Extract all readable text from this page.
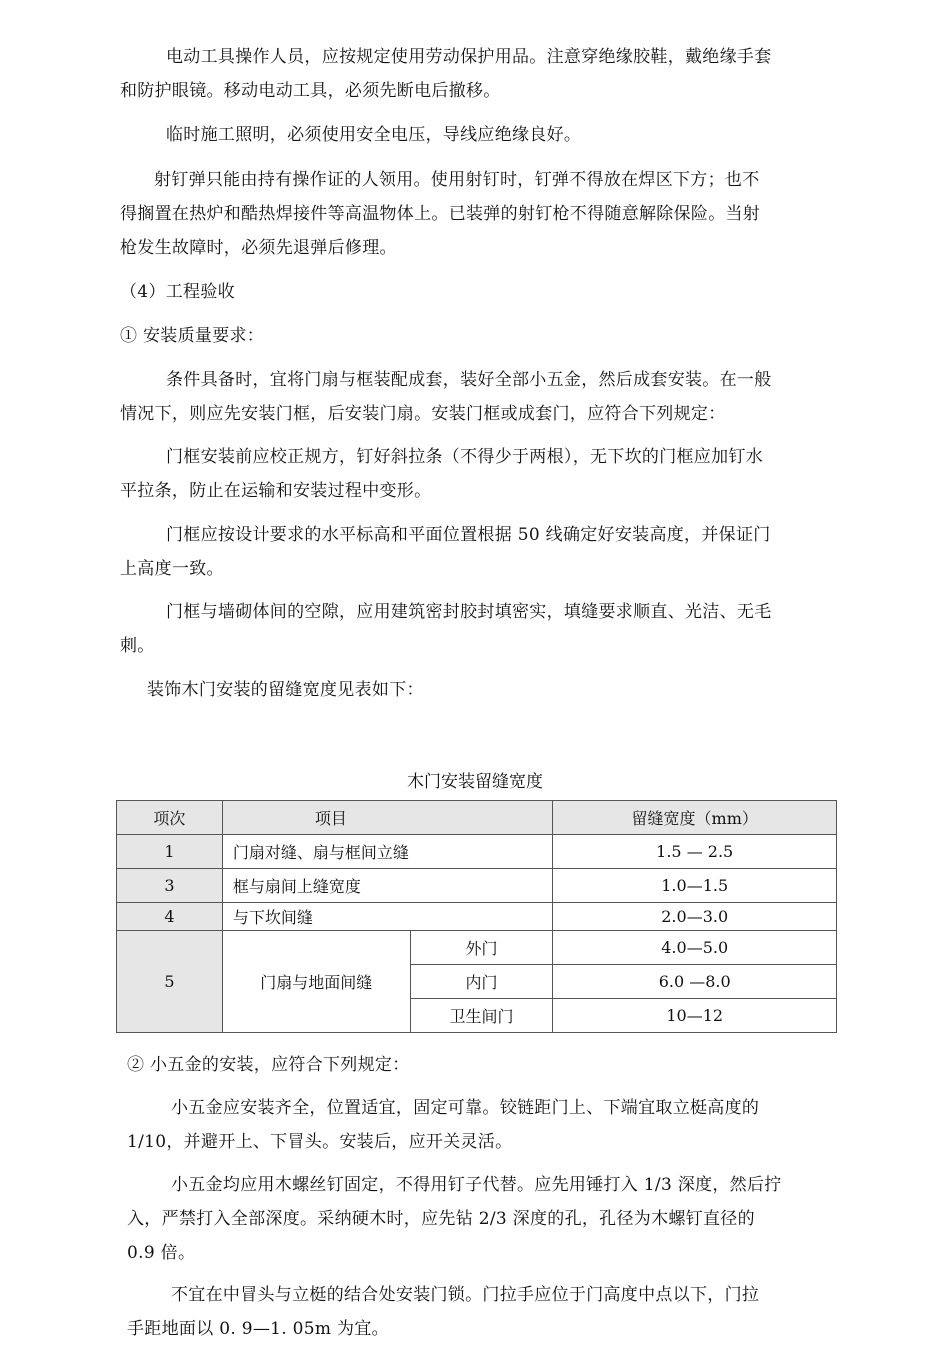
电动工具操作人员，应按规定使用劳动保护用品。注意穿绝缘胶鞋，戴绝缘手套
和防护眼镜。移动电动工具，必须先断电后撤移。
临时施工照明，必须使用安全电压，导线应绝缘良好。
射钉弹只能由持有操作证的人领用。使用射钉时，钉弹不得放在焊区下方；也不
得搁置在热炉和酷热焊接件等高温物体上。已装弹的射钉枪不得随意解除保险。当射
枪发生故障时，必须先退弹后修理。
（4）工程验收
① 安装质量要求：
条件具备时，宜将门扇与框装配成套，装好全部小五金，然后成套安装。在一般
情况下，则应先安装门框，后安装门扇。安装门框或成套门，应符合下列规定：
门框安装前应校正规方，钉好斜拉条（不得少于两根），无下坎的门框应加钉水
平拉条，防止在运输和安装过程中变形。
门框应按设计要求的水平标高和平面位置根据 50 线确定好安装高度，并保证门
上高度一致。
门框与墙砌体间的空隙，应用建筑密封胶封填密实，填缝要求顺直、光洁、无毛
刺。
装饰木门安装的留缝宽度见表如下：
木门安装留缝宽度
项次	项目		留缝宽度（mm）
1	门扇对缝、扇与框间立缝		1.5 — 2.5
3	框与扇间上缝宽度		1.0—1.5
4	与下坎间缝		2.0—3.0
5	门扇与地面间缝	外门	4.0—5.0
		内门	6.0 —8.0
		卫生间门	10—12
② 小五金的安装，应符合下列规定：
小五金应安装齐全，位置适宜，固定可靠。铰链距门上、下端宜取立梃高度的
1/10，并避开上、下冒头。安装后，应开关灵活。
小五金均应用木螺丝钉固定，不得用钉子代替。应先用锤打入 1/3 深度，然后拧
入，严禁打入全部深度。采纳硬木时，应先钻 2/3 深度的孔，孔径为木螺钉直径的
0.9 倍。
不宜在中冒头与立梃的结合处安装门锁。门拉手应位于门高度中点以下，门拉
手距地面以 0. 9—1. 05m 为宜。
